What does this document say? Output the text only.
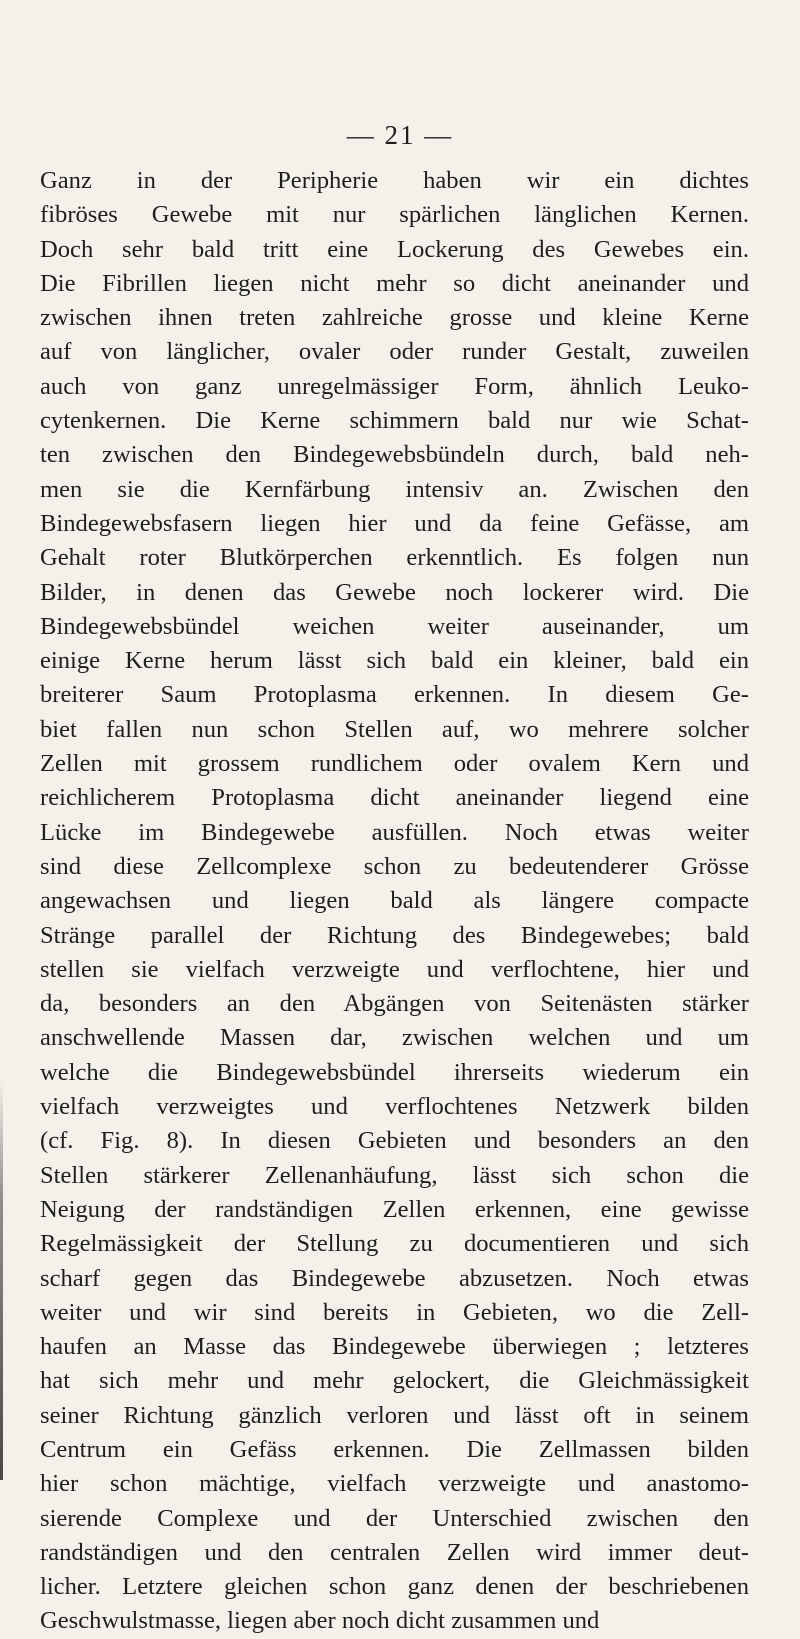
— 21 —
Ganz in der Peripherie haben wir ein dichtes
fibröses Gewebe mit nur spärlichen länglichen Kernen.
Doch sehr bald tritt eine Lockerung des Gewebes ein.
Die Fibrillen liegen nicht mehr so dicht aneinander und
zwischen ihnen treten zahlreiche grosse und kleine Kerne
auf von länglicher, ovaler oder runder Gestalt, zuweilen
auch von ganz unregelmässiger Form, ähnlich Leuko-
cytenkernen. Die Kerne schimmern bald nur wie Schat-
ten zwischen den Bindegewebsbündeln durch, bald neh-
men sie die Kernfärbung intensiv an. Zwischen den
Bindegewebsfasern liegen hier und da feine Gefässe, am
Gehalt roter Blutkörperchen erkenntlich. Es folgen nun
Bilder, in denen das Gewebe noch lockerer wird. Die
Bindegewebsbündel weichen weiter auseinander, um
einige Kerne herum lässt sich bald ein kleiner, bald ein
breiterer Saum Protoplasma erkennen. In diesem Ge-
biet fallen nun schon Stellen auf, wo mehrere solcher
Zellen mit grossem rundlichem oder ovalem Kern und
reichlicherem Protoplasma dicht aneinander liegend eine
Lücke im Bindegewebe ausfüllen. Noch etwas weiter
sind diese Zellcomplexe schon zu bedeutenderer Grösse
angewachsen und liegen bald als längere compacte
Stränge parallel der Richtung des Bindegewebes; bald
stellen sie vielfach verzweigte und verflochtene, hier und
da, besonders an den Abgängen von Seitenästen stärker
anschwellende Massen dar, zwischen welchen und um
welche die Bindegewebsbündel ihrerseits wiederum ein
vielfach verzweigtes und verflochtenes Netzwerk bilden
(cf. Fig. 8). In diesen Gebieten und besonders an den
Stellen stärkerer Zellenanhäufung, lässt sich schon die
Neigung der randständigen Zellen erkennen, eine gewisse
Regelmässigkeit der Stellung zu documentieren und sich
scharf gegen das Bindegewebe abzusetzen. Noch etwas
weiter und wir sind bereits in Gebieten, wo die Zell-
haufen an Masse das Bindegewebe überwiegen ; letzteres
hat sich mehr und mehr gelockert, die Gleichmässigkeit
seiner Richtung gänzlich verloren und lässt oft in seinem
Centrum ein Gefäss erkennen. Die Zellmassen bilden
hier schon mächtige, vielfach verzweigte und anastomo-
sierende Complexe und der Unterschied zwischen den
randständigen und den centralen Zellen wird immer deut-
licher. Letztere gleichen schon ganz denen der beschriebenen
Geschwulstmasse, liegen aber noch dicht zusammen und
